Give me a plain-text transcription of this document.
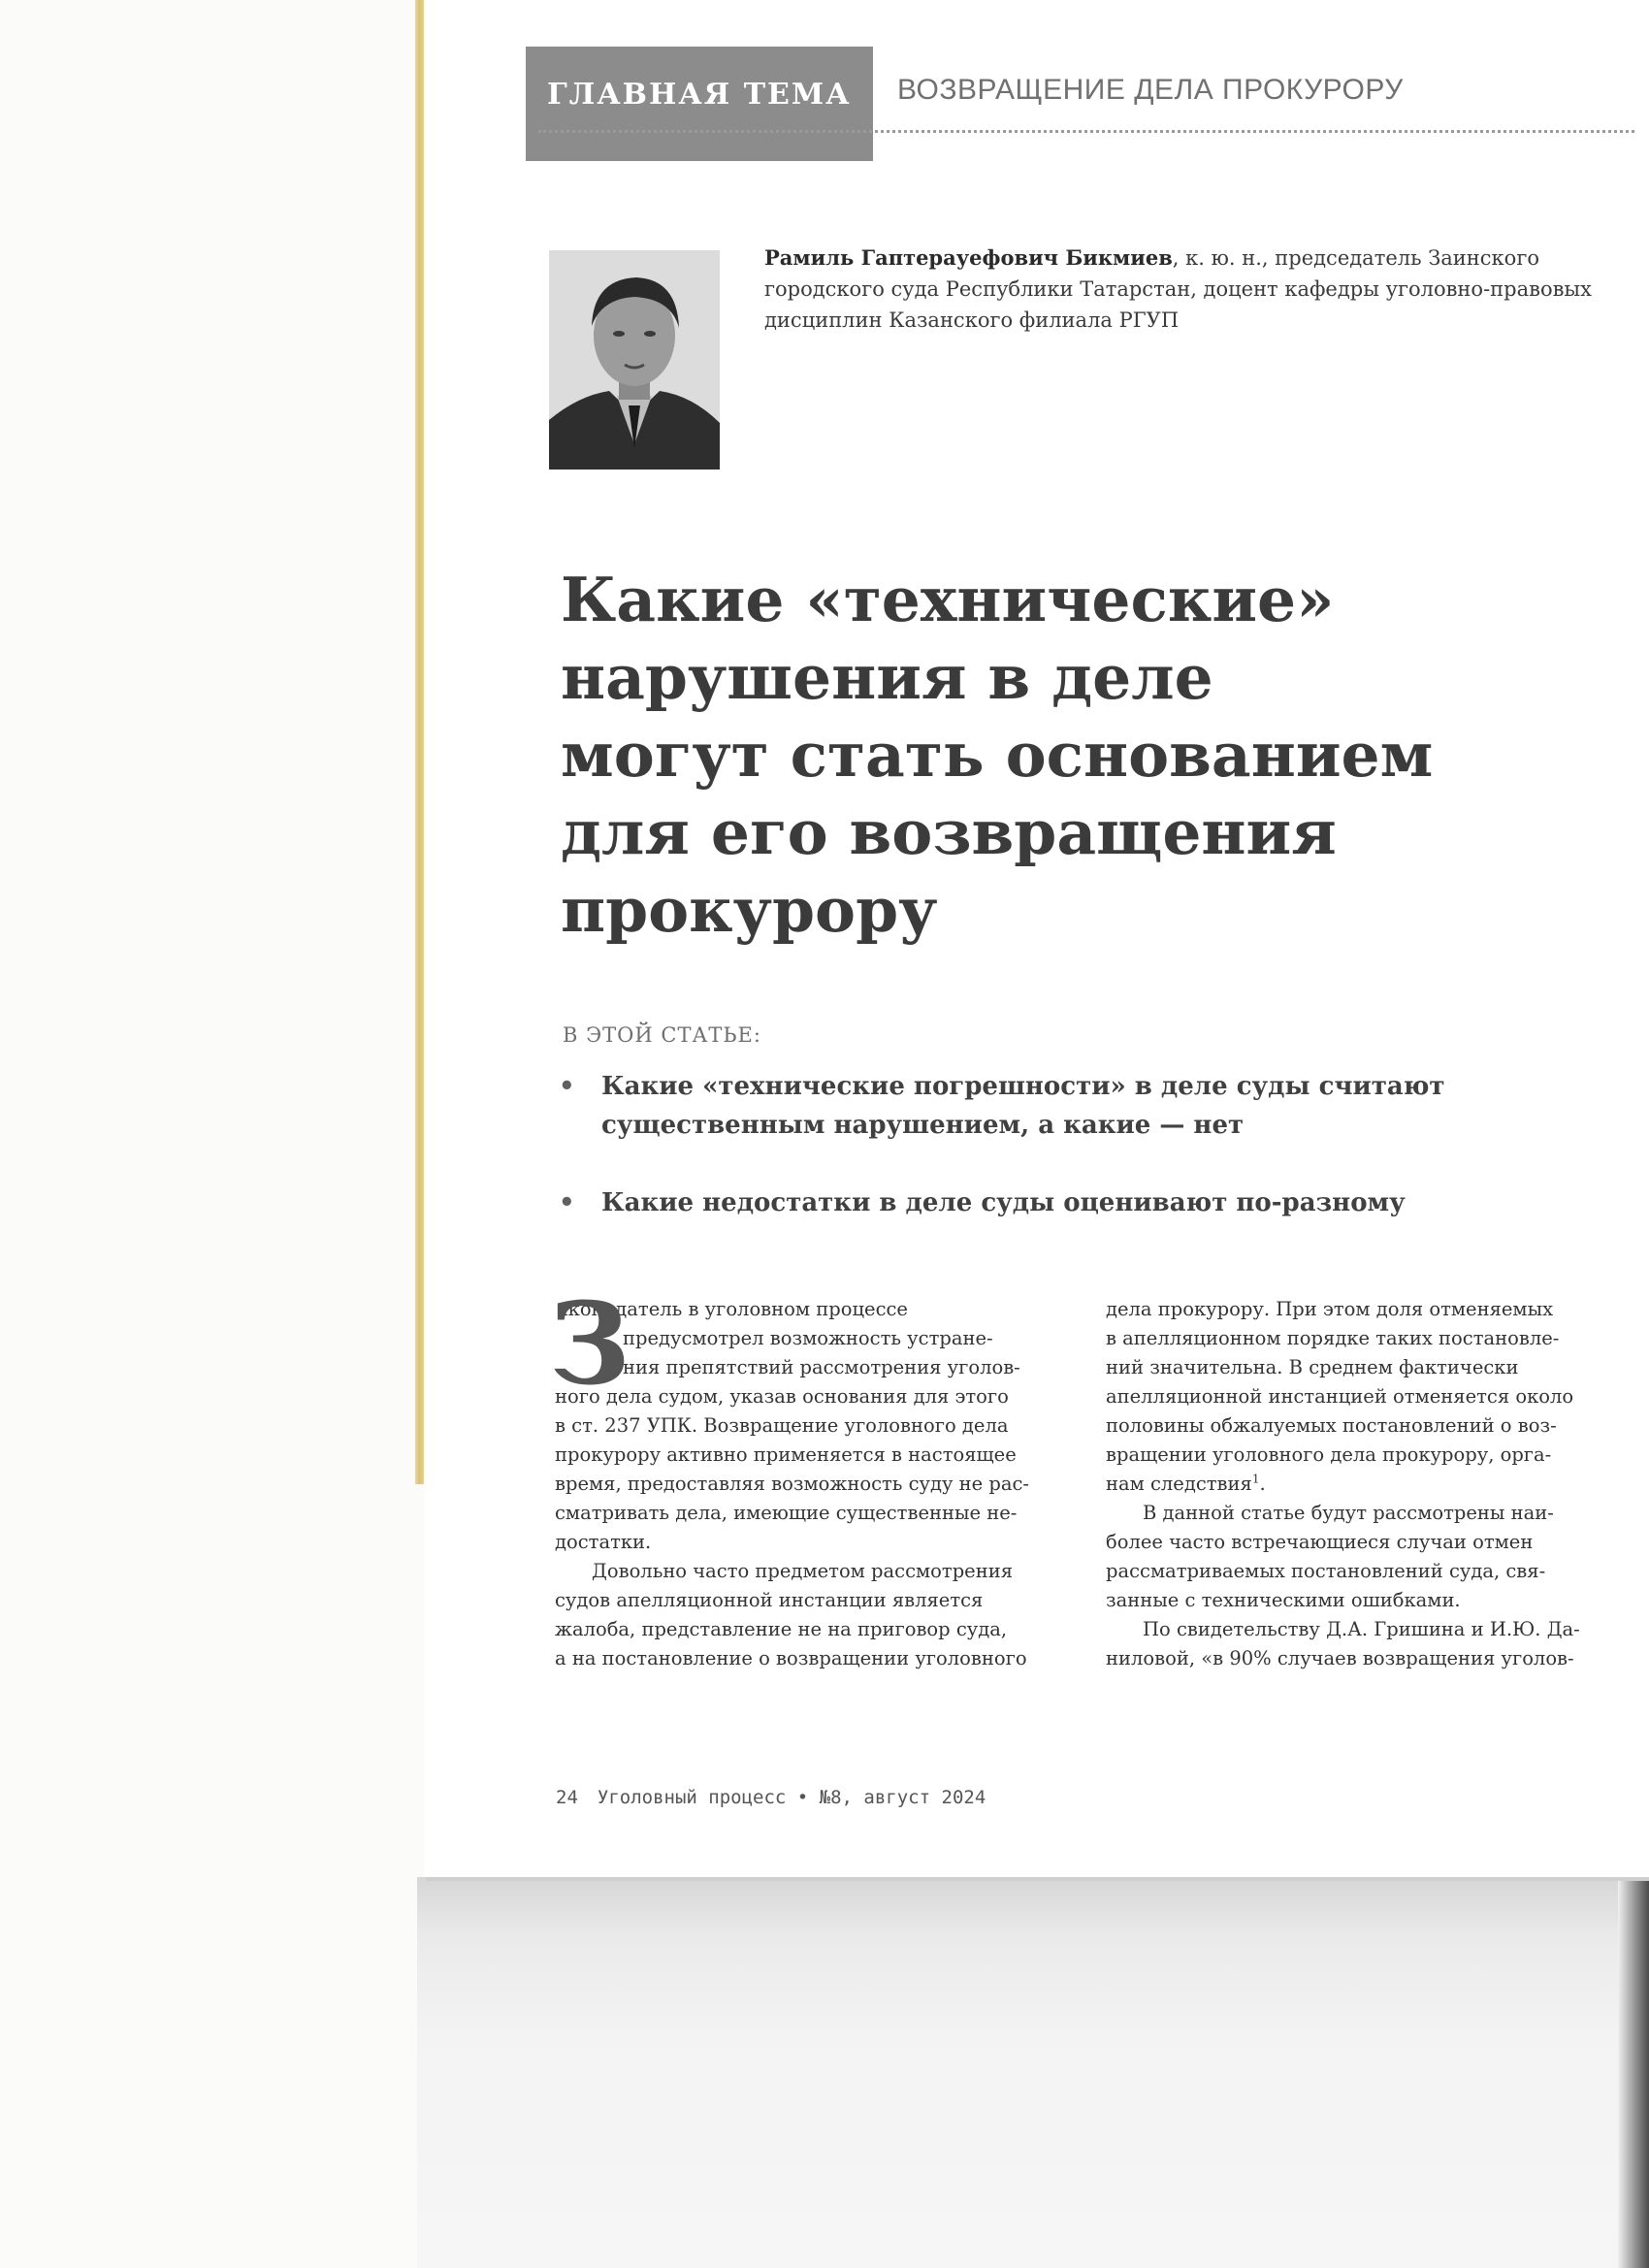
ГЛАВНАЯ ТЕМА	ВОЗВРАЩЕНИЕ ДЕЛА ПРОКУРОРУ
Рамиль Гаптерауефович Бикмиев, к. ю. н., председатель Заинского
городского суда Республики Татарстан, доцент кафедры уголовно-правовых
дисциплин Казанского филиала РГУП
Какие «технические»
нарушения в деле
могут стать основанием
для его возвращения
прокурору
В ЭТОЙ СТАТЬЕ:
• Какие «технические погрешности» в деле суды считают
существенным нарушением, а какие — нет
• Какие недостатки в деле суды оценивают по-разному
З
аконодатель в уголовном процессе
предусмотрел возможность устране-
ния препятствий рассмотрения уголов-
ного дела судом, указав основания для этого
в ст. 237 УПК. Возвращение уголовного дела
прокурору активно применяется в настоящее
время, предоставляя возможность суду не рас-
сматривать дела, имеющие существенные не-
достатки.
Довольно часто предметом рассмотрения
судов апелляционной инстанции является
жалоба, представление не на приговор суда,
а на постановление о возвращении уголовного
дела прокурору. При этом доля отменяемых
в апелляционном порядке таких постановле-
ний значительна. В среднем фактически
апелляционной инстанцией отменяется около
половины обжалуемых постановлений о воз-
вращении уголовного дела прокурору, орга-
нам следствия$^1$.
В данной статье будут рассмотрены наи-
более часто встречающиеся случаи отмен
рассматриваемых постановлений суда, свя-
занные с техническими ошибками.
По свидетельству Д.А. Гришина и И.Ю. Да-
ниловой, «в 90% случаев возвращения уголов-
24 Уголовный процесс • №8, август 2024
